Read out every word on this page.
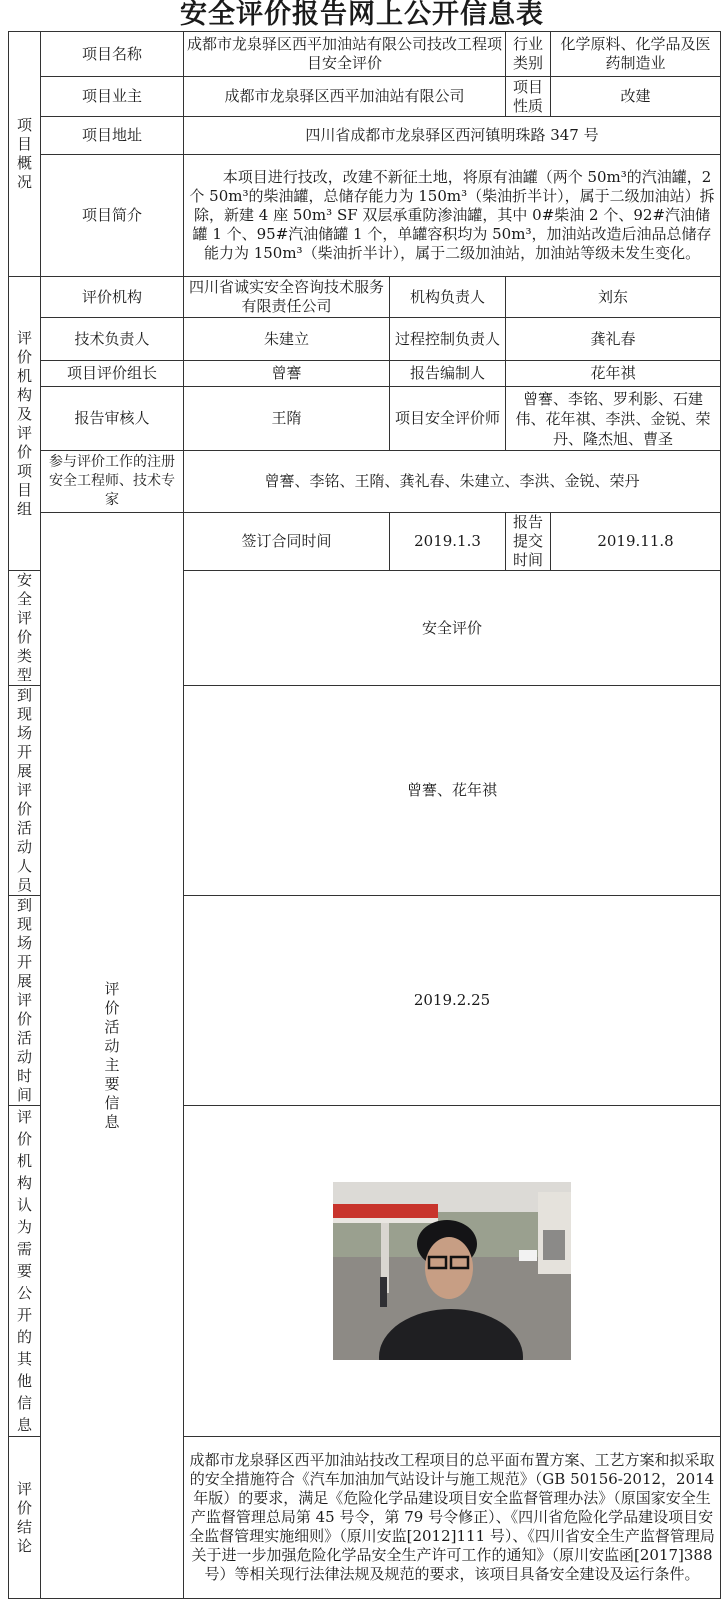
安全评价报告网上公开信息表
项目概况	项目名称	成都市龙泉驿区西平加油站有限公司技改工程项目安全评价		行业类别	化学原料、化学品及医药制造业
	项目业主	成都市龙泉驿区西平加油站有限公司		项目性质	改建
	项目地址	四川省成都市龙泉驿区西河镇明珠路 347 号			
	项目简介	本项目进行技改，改建不新征土地，将原有油罐（两个 50m³的汽油罐，2 个 50m³的柴油罐，总储存能力为 150m³（柴油折半计），属于二级加油站）拆除，新建 4 座 50m³ SF 双层承重防渗油罐，其中 0#柴油 2 个、92#汽油储罐 1 个、95#汽油储罐 1 个，单罐容积均为 50m³，加油站改造后油品总储存能力为 150m³（柴油折半计），属于二级加油站，加油站等级未发生变化。			
评价机构及评价项目组	评价机构	四川省诚实安全咨询技术服务有限责任公司	机构负责人	刘东	
	技术负责人	朱建立	过程控制负责人	龚礼春	
	项目评价组长	曾謇	报告编制人	花年祺	
	报告审核人	王隋	项目安全评价师	曾謇、李铭、罗利影、石建伟、花年祺、李洪、金锐、荣丹、隆杰旭、曹圣	
	参与评价工作的注册安全工程师、技术专家	曾謇、李铭、王隋、龚礼春、朱建立、李洪、金锐、荣丹			
	评价活动主要信息	签订合同时间	2019.1.3	报告提交时间	2019.11.8
安全评价类型		安全评价			
到现场开展评价活动人员		曾謇、花年祺			
到现场开展评价活动时间		2019.2.25			
评价机构认为需要公开的其他信息	

评价结论		成都市龙泉驿区西平加油站技改工程项目的总平面布置方案、工艺方案和拟采取的安全措施符合《汽车加油加气站设计与施工规范》（GB 50156-2012，2014 年版）的要求，满足《危险化学品建设项目安全监督管理办法》（原国家安全生产监督管理总局第 45 号令，第 79 号令修正）、《四川省危险化学品建设项目安全监督管理实施细则》（原川安监[2012]111 号）、《四川省安全生产监督管理局关于进一步加强危险化学品安全生产许可工作的通知》（原川安监函[2017]388 号）等相关现行法律法规及规范的要求，该项目具备安全建设及运行条件。			
